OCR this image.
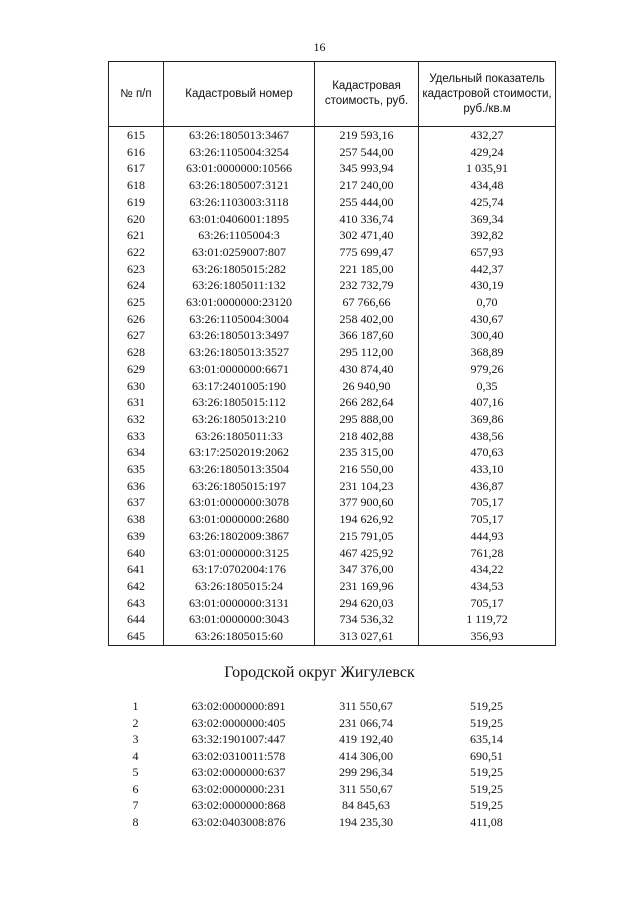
16
№ п/п	Кадастровый номер	Кадастровая стоимость, руб.	Удельный показатель кадастровой стоимости, руб./кв.м
615	63:26:1805013:3467	219 593,16	432,27
616	63:26:1105004:3254	257 544,00	429,24
617	63:01:0000000:10566	345 993,94	1 035,91
618	63:26:1805007:3121	217 240,00	434,48
619	63:26:1103003:3118	255 444,00	425,74
620	63:01:0406001:1895	410 336,74	369,34
621	63:26:1105004:3	302 471,40	392,82
622	63:01:0259007:807	775 699,47	657,93
623	63:26:1805015:282	221 185,00	442,37
624	63:26:1805011:132	232 732,79	430,19
625	63:01:0000000:23120	67 766,66	0,70
626	63:26:1105004:3004	258 402,00	430,67
627	63:26:1805013:3497	366 187,60	300,40
628	63:26:1805013:3527	295 112,00	368,89
629	63:01:0000000:6671	430 874,40	979,26
630	63:17:2401005:190	26 940,90	0,35
631	63:26:1805015:112	266 282,64	407,16
632	63:26:1805013:210	295 888,00	369,86
633	63:26:1805011:33	218 402,88	438,56
634	63:17:2502019:2062	235 315,00	470,63
635	63:26:1805013:3504	216 550,00	433,10
636	63:26:1805015:197	231 104,23	436,87
637	63:01:0000000:3078	377 900,60	705,17
638	63:01:0000000:2680	194 626,92	705,17
639	63:26:1802009:3867	215 791,05	444,93
640	63:01:0000000:3125	467 425,92	761,28
641	63:17:0702004:176	347 376,00	434,22
642	63:26:1805015:24	231 169,96	434,53
643	63:01:0000000:3131	294 620,03	705,17
644	63:01:0000000:3043	734 536,32	1 119,72
645	63:26:1805015:60	313 027,61	356,93
Городской округ Жигулевск
1	63:02:0000000:891	311 550,67	519,25
2	63:02:0000000:405	231 066,74	519,25
3	63:32:1901007:447	419 192,40	635,14
4	63:02:0310011:578	414 306,00	690,51
5	63:02:0000000:637	299 296,34	519,25
6	63:02:0000000:231	311 550,67	519,25
7	63:02:0000000:868	84 845,63	519,25
8	63:02:0403008:876	194 235,30	411,08
